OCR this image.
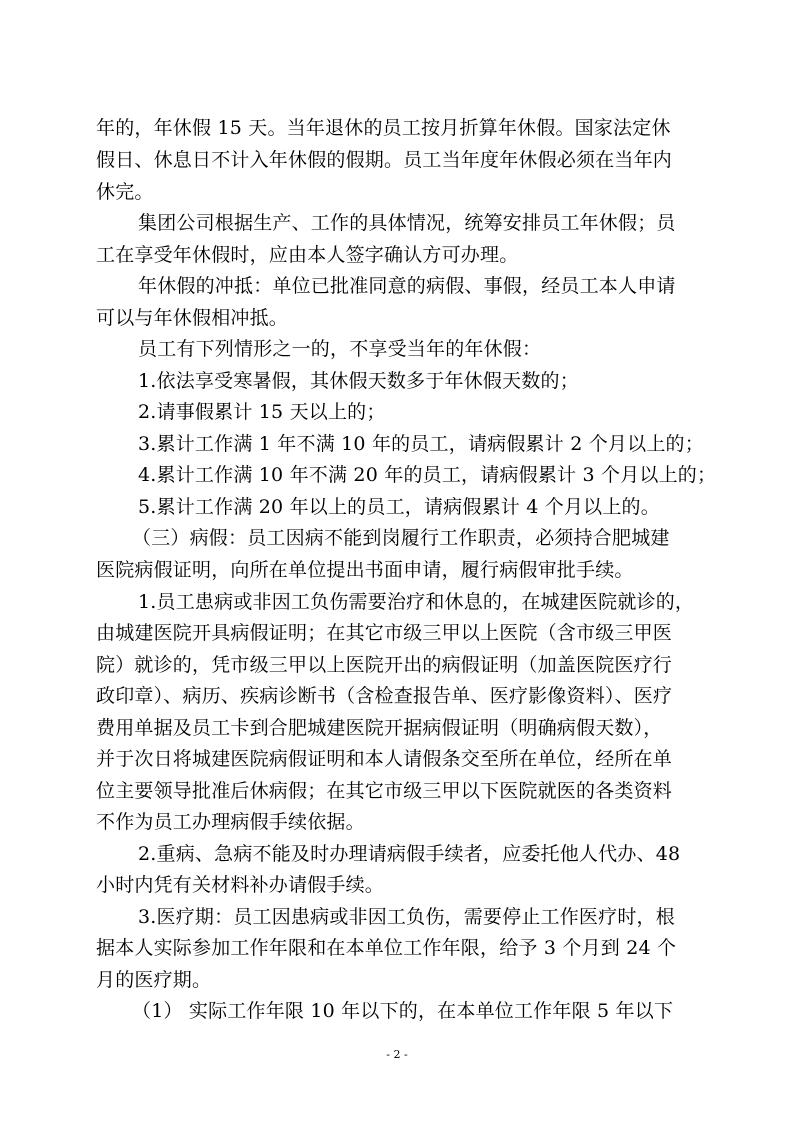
年的，年休假 15 天。当年退休的员工按月折算年休假。国家法定休
假日、休息日不计入年休假的假期。员工当年度年休假必须在当年内
休完。
集团公司根据生产、工作的具体情况，统筹安排员工年休假；员
工在享受年休假时，应由本人签字确认方可办理。
年休假的冲抵：单位已批准同意的病假、事假，经员工本人申请
可以与年休假相冲抵。
员工有下列情形之一的，不享受当年的年休假：
1.依法享受寒暑假，其休假天数多于年休假天数的；
2.请事假累计 15 天以上的；
3.累计工作满 1 年不满 10 年的员工，请病假累计 2 个月以上的；
4.累计工作满 10 年不满 20 年的员工，请病假累计 3 个月以上的；
5.累计工作满 20 年以上的员工，请病假累计 4 个月以上的。
（三）病假：员工因病不能到岗履行工作职责，必须持合肥城建
医院病假证明，向所在单位提出书面申请，履行病假审批手续。
1.员工患病或非因工负伤需要治疗和休息的，在城建医院就诊的，
由城建医院开具病假证明；在其它市级三甲以上医院（含市级三甲医
院）就诊的，凭市级三甲以上医院开出的病假证明（加盖医院医疗行
政印章）、病历、疾病诊断书（含检查报告单、医疗影像资料）、医疗
费用单据及员工卡到合肥城建医院开据病假证明（明确病假天数），
并于次日将城建医院病假证明和本人请假条交至所在单位，经所在单
位主要领导批准后休病假；在其它市级三甲以下医院就医的各类资料
不作为员工办理病假手续依据。
2.重病、急病不能及时办理请病假手续者，应委托他人代办、48
小时内凭有关材料补办请假手续。
3.医疗期：员工因患病或非因工负伤，需要停止工作医疗时，根
据本人实际参加工作年限和在本单位工作年限，给予 3 个月到 24 个
月的医疗期。
（1） 实际工作年限 10 年以下的，在本单位工作年限 5 年以下
- 2 -
